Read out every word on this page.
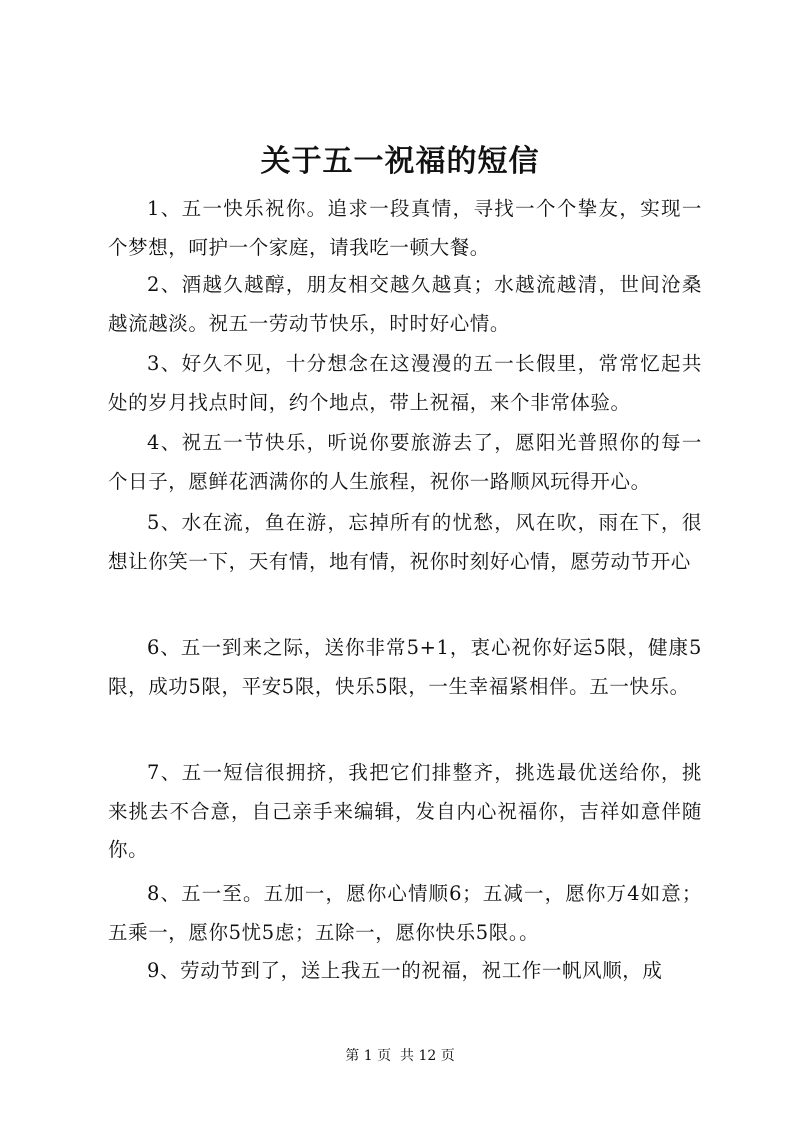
关于五一祝福的短信
1、五一快乐祝你。追求一段真情，寻找一个个挚友，实现一个梦想，呵护一个家庭，请我吃一顿大餐。
2、酒越久越醇，朋友相交越久越真；水越流越清，世间沧桑越流越淡。祝五一劳动节快乐，时时好心情。
3、好久不见，十分想念在这漫漫的五一长假里，常常忆起共处的岁月找点时间，约个地点，带上祝福，来个非常体验。
4、祝五一节快乐，听说你要旅游去了，愿阳光普照你的每一个日子，愿鲜花洒满你的人生旅程，祝你一路顺风玩得开心。
5、水在流，鱼在游，忘掉所有的忧愁，风在吹，雨在下，很想让你笑一下，天有情，地有情，祝你时刻好心情，愿劳动节开心
6、五一到来之际，送你非常5+1，衷心祝你好运5限，健康5限，成功5限，平安5限，快乐5限，一生幸福紧相伴。五一快乐。
7、五一短信很拥挤，我把它们排整齐，挑选最优送给你，挑来挑去不合意，自己亲手来编辑，发自内心祝福你，吉祥如意伴随你。
8、五一至。五加一，愿你心情顺6；五减一，愿你万4如意；五乘一，愿你5忧5虑；五除一，愿你快乐5限。。
9、劳动节到了，送上我五一的祝福，祝工作一帆风顺，成
第 1 页  共 12 页
